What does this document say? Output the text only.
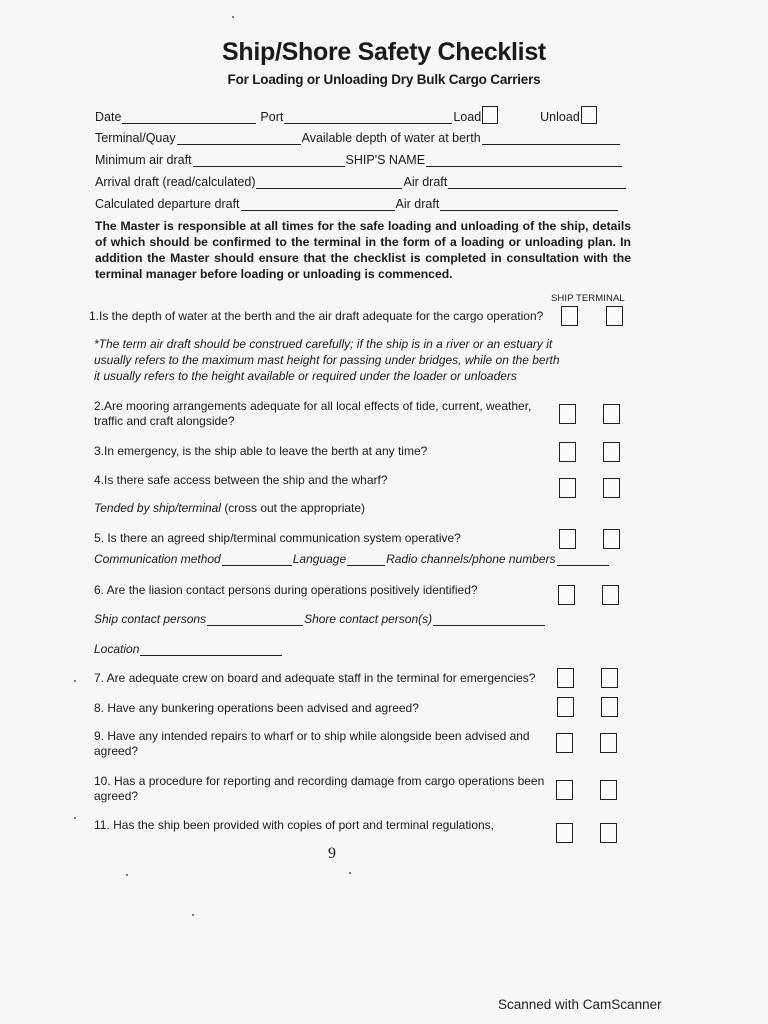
Ship/Shore Safety Checklist
For Loading or Unloading Dry Bulk Cargo Carriers
Date	Port	Load	Unload
Terminal/Quay	Available depth of water at berth
Minimum air draft	SHIP'S NAME
Arrival draft (read/calculated)	Air draft
Calculated departure draft	Air draft
The Master is responsible at all times for the safe loading and unloading of the ship, details of which should be confirmed to the terminal in the form of a loading or unloading plan. In addition the Master should ensure that the checklist is completed in consultation with the terminal manager before loading or unloading is commenced.
SHIP TERMINAL
1.Is the depth of water at the berth and the air draft adequate for the cargo operation?
*The term air draft should be construed carefully; if the ship is in a river or an estuary it usually refers to the maximum mast height for passing under bridges, while on the berth it usually refers to the height available or required under the loader or unloaders
2.Are mooring arrangements adequate for all local effects of tide, current, weather, traffic and craft alongside?
3.In emergency, is the ship able to leave the berth at any time?
4.Is there safe access between the ship and the wharf?
Tended by ship/terminal (cross out the appropriate)
5. Is there an agreed ship/terminal communication system operative?
Communication method	Language	Radio channels/phone numbers
6. Are the liasion contact persons during operations positively identified?
Ship contact persons	Shore contact person(s)
Location
7. Are adequate crew on board and adequate staff in the terminal for emergencies?
8. Have any bunkering operations been advised and agreed?
9. Have any intended repairs to wharf or to ship while alongside been advised and agreed?
10. Has a procedure for reporting and recording damage from cargo operations been agreed?
11. Has the ship been provided with copies of port and terminal regulations,
9
Scanned with CamScanner
